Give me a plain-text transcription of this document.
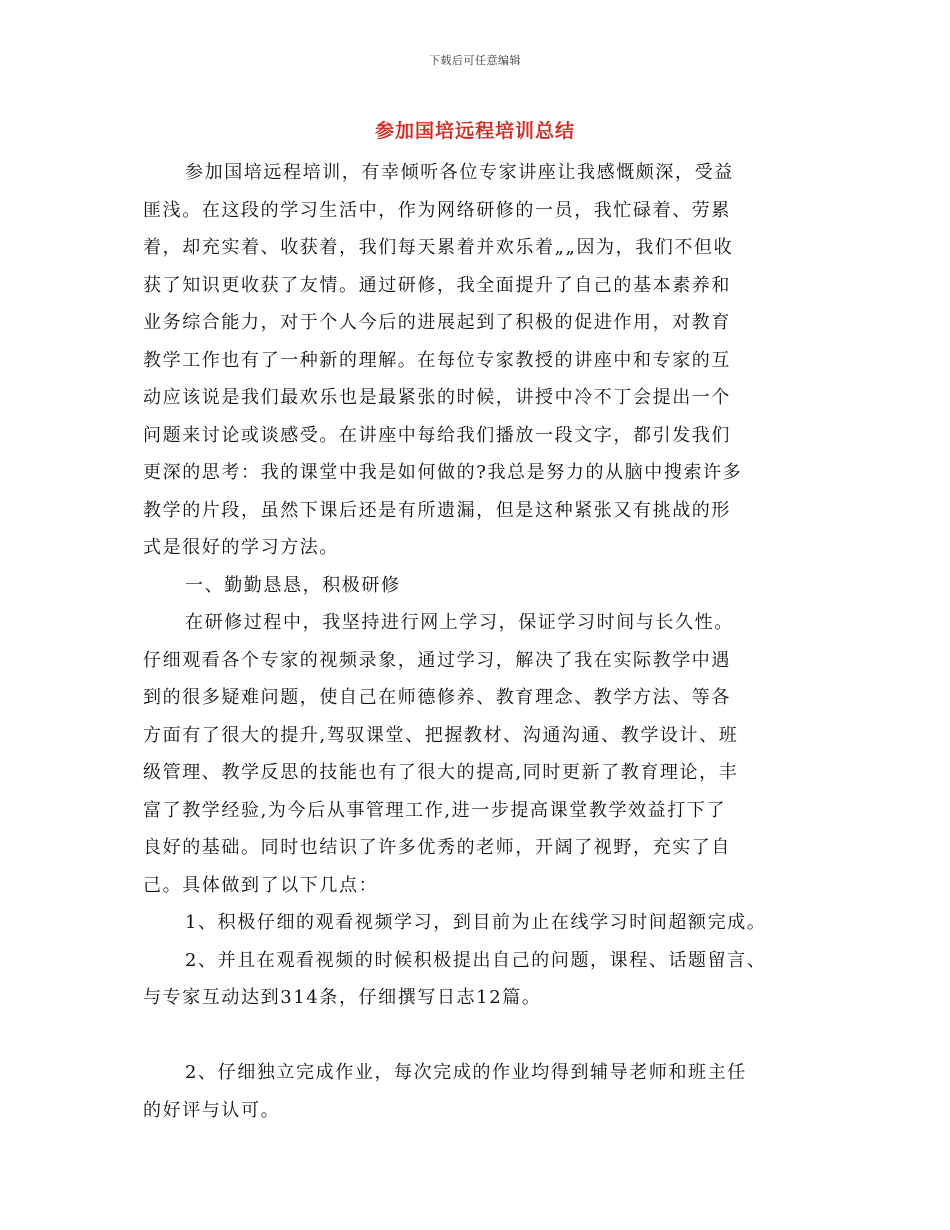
下载后可任意编辑
参加国培远程培训总结
参加国培远程培训，有幸倾听各位专家讲座让我感慨颇深，受益
匪浅。在这段的学习生活中，作为网络研修的一员，我忙碌着、劳累
着，却充实着、收获着，我们每天累着并欢乐着„„因为，我们不但收
获了知识更收获了友情。通过研修，我全面提升了自己的基本素养和
业务综合能力，对于个人今后的进展起到了积极的促进作用，对教育
教学工作也有了一种新的理解。在每位专家教授的讲座中和专家的互
动应该说是我们最欢乐也是最紧张的时候，讲授中冷不丁会提出一个
问题来讨论或谈感受。在讲座中每给我们播放一段文字，都引发我们
更深的思考：我的课堂中我是如何做的?我总是努力的从脑中搜索许多
教学的片段，虽然下课后还是有所遗漏，但是这种紧张又有挑战的形
式是很好的学习方法。
一、勤勤恳恳，积极研修
在研修过程中，我坚持进行网上学习，保证学习时间与长久性。
仔细观看各个专家的视频录象，通过学习，解决了我在实际教学中遇
到的很多疑难问题，使自己在师德修养、教育理念、教学方法、等各
方面有了很大的提升,驾驭课堂、把握教材、沟通沟通、教学设计、班
级管理、教学反思的技能也有了很大的提高,同时更新了教育理论，丰
富了教学经验,为今后从事管理工作,进一步提高课堂教学效益打下了
良好的基础。同时也结识了许多优秀的老师，开阔了视野，充实了自
己。具体做到了以下几点：
1、积极仔细的观看视频学习，到目前为止在线学习时间超额完成。
2、并且在观看视频的时候积极提出自己的问题，课程、话题留言、
与专家互动达到314条，仔细撰写日志12篇。
2、仔细独立完成作业，每次完成的作业均得到辅导老师和班主任
的好评与认可。
